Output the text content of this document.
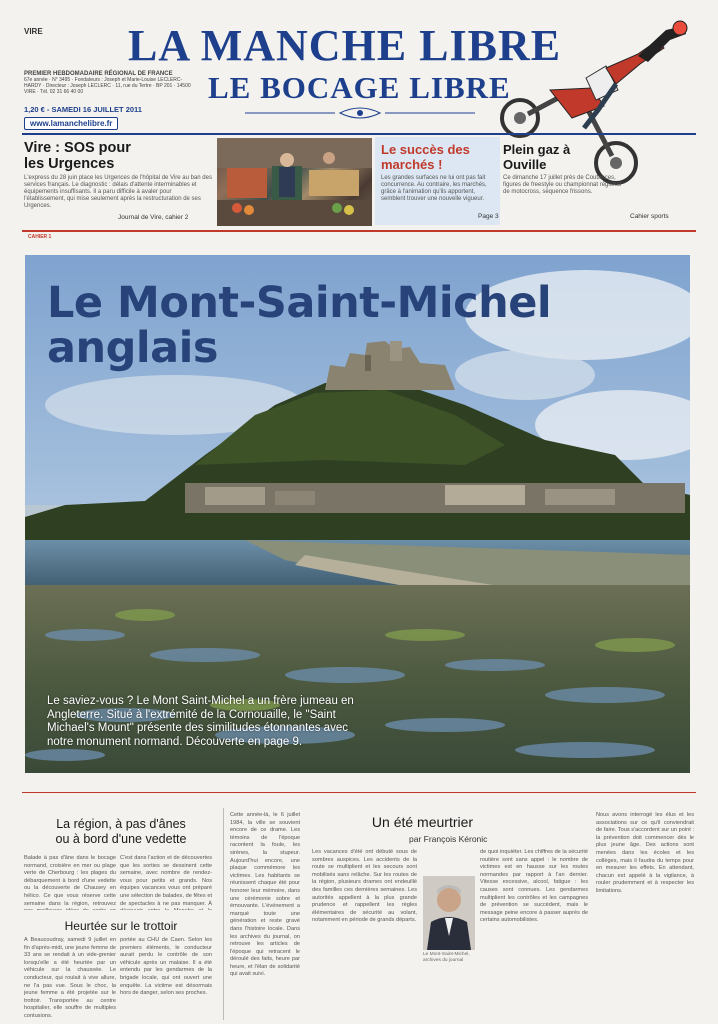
VIRE LA MANCHE LIBRE
LE BOCAGE LIBRE
PREMIER HEBDOMADAIRE RÉGIONAL DE FRANCE
67e année · N° 3495 · Fondateurs : Joseph et Marie-Louise LECLERC-HARDY · Directeur : Joseph LECLERC · 11, rue du Tertre · BP 201 · 14500 VIRE · Tél. 02 31 66 40 00
1,20 € - SAMEDI 16 JUILLET 2011
www.lamanchelibre.fr
Vire : SOS pour les Urgences
L'express du 28 juin place les Urgences de l'hôpital de Vire au ban des services français. Le diagnostic : délais d'attente interminables et équipements insuffisants. Il a paru difficile à avaler pour l'établissement, qui mise seulement après la restructuration de ses Urgences.
Journal de Vire, cahier 2
Le succès des marchés !
Les grandes surfaces ne lui ont pas fait concurrence. Au contraire, les marchés, grâce à l'animation qu'ils apportent, semblent trouver une nouvelle vigueur.
Page 3
Plein gaz à Ouville
Ce dimanche 17 juillet près de Coutances, figures de freestyle ou championnat régional de motocross, séquence frissons.
Cahier sports
CAHIER 1
Le Mont-Saint-Michel
anglais
Le saviez-vous ? Le Mont Saint-Michel a un frère jumeau en Angleterre. Situé à l'extrémité de la Cornouaille, le "Saint Michael's Mount" présente des similitudes étonnantes avec notre monument normand. Découverte en page 9.
La région, à pas d'ânes
ou à bord d'une vedette
Balade à pas d'âne dans le bocage normand, croisière en mer ou plage verte de Cherbourg : les plages du débarquement à bord d'une vedette ou la découverte de Chausey en hélico. Ce que vous réserve cette semaine dans la région, retrouvez
C'est dans l'action et de découvertes que les sorties se dessinent cette semaine, avec nombre de rendez-vous pour petits et grands. Nos équipes vacances vous ont préparé une sélection de balades, de fêtes et de spectacles à ne pas manquer. À
Heurtée sur le trottoir
À Beaucoudray, samedi 9 juillet en fin d'après-midi, une jeune femme de 33 ans se rendait à un vide-grenier lorsqu'elle a été heurtée par un véhicule sur la chaussée. Le conducteur, qui roulait à vive allure, ne l'a pas vue. Sous le choc, la jeune femme a été projetée sur le trottoir. Transportée au centre hospitalier, elle souffre de multiples contusions.
portée au CHU de Caen. Selon les premiers éléments, le conducteur aurait perdu le contrôle de son véhicule après un malaise. Il a été entendu par les gendarmes de la brigade locale, qui ont ouvert une enquête. La victime est désormais hors de danger, selon ses proches.
Cette année-là, le 6 juillet 1984, la ville se souvient encore de ce drame. Les témoins de l'époque racontent la foule, les sirènes, la stupeur. Aujourd'hui encore, une plaque commémore les victimes. Les habitants se réunissent chaque été pour honorer leur mémoire, dans une cérémonie sobre et émouvante. L'événement a marqué toute une génération et reste gravé dans l'histoire locale. Dans les archives du journal, on retrouve les articles de l'époque qui retracent le déroulé des faits, heure par heure, et l'élan de solidarité qui avait suivi.
Un été meurtrier
par François Kéronic
Les vacances d'été ont débuté sous de sombres auspices. Les accidents de la route se multiplient et les secours sont mobilisés sans relâche. Sur les routes de la région, plusieurs drames ont endeuillé des familles ces dernières semaines. Les autorités appellent à la plus grande prudence et rappellent les règles élémentaires de sécurité au volant, notamment en période de grands départs.
Le Mont-Saint-Michel, archives du journal
de quoi inquiéter. Les chiffres de la sécurité routière sont sans appel : le nombre de victimes est en hausse sur les routes normandes par rapport à l'an dernier. Vitesse excessive, alcool, fatigue : les causes sont connues. Les gendarmes multiplient les contrôles et les campagnes de prévention se succèdent, mais le message peine encore à passer auprès de certains automobilistes.
Nous avons interrogé les élus et les associations sur ce qu'il conviendrait de faire. Tous s'accordent sur un point : la prévention doit commencer dès le plus jeune âge. Des actions sont menées dans les écoles et les collèges, mais il faudra du temps pour en mesurer les effets. En attendant, chacun est appelé à la vigilance, à rouler prudemment et à respecter les limitations.
